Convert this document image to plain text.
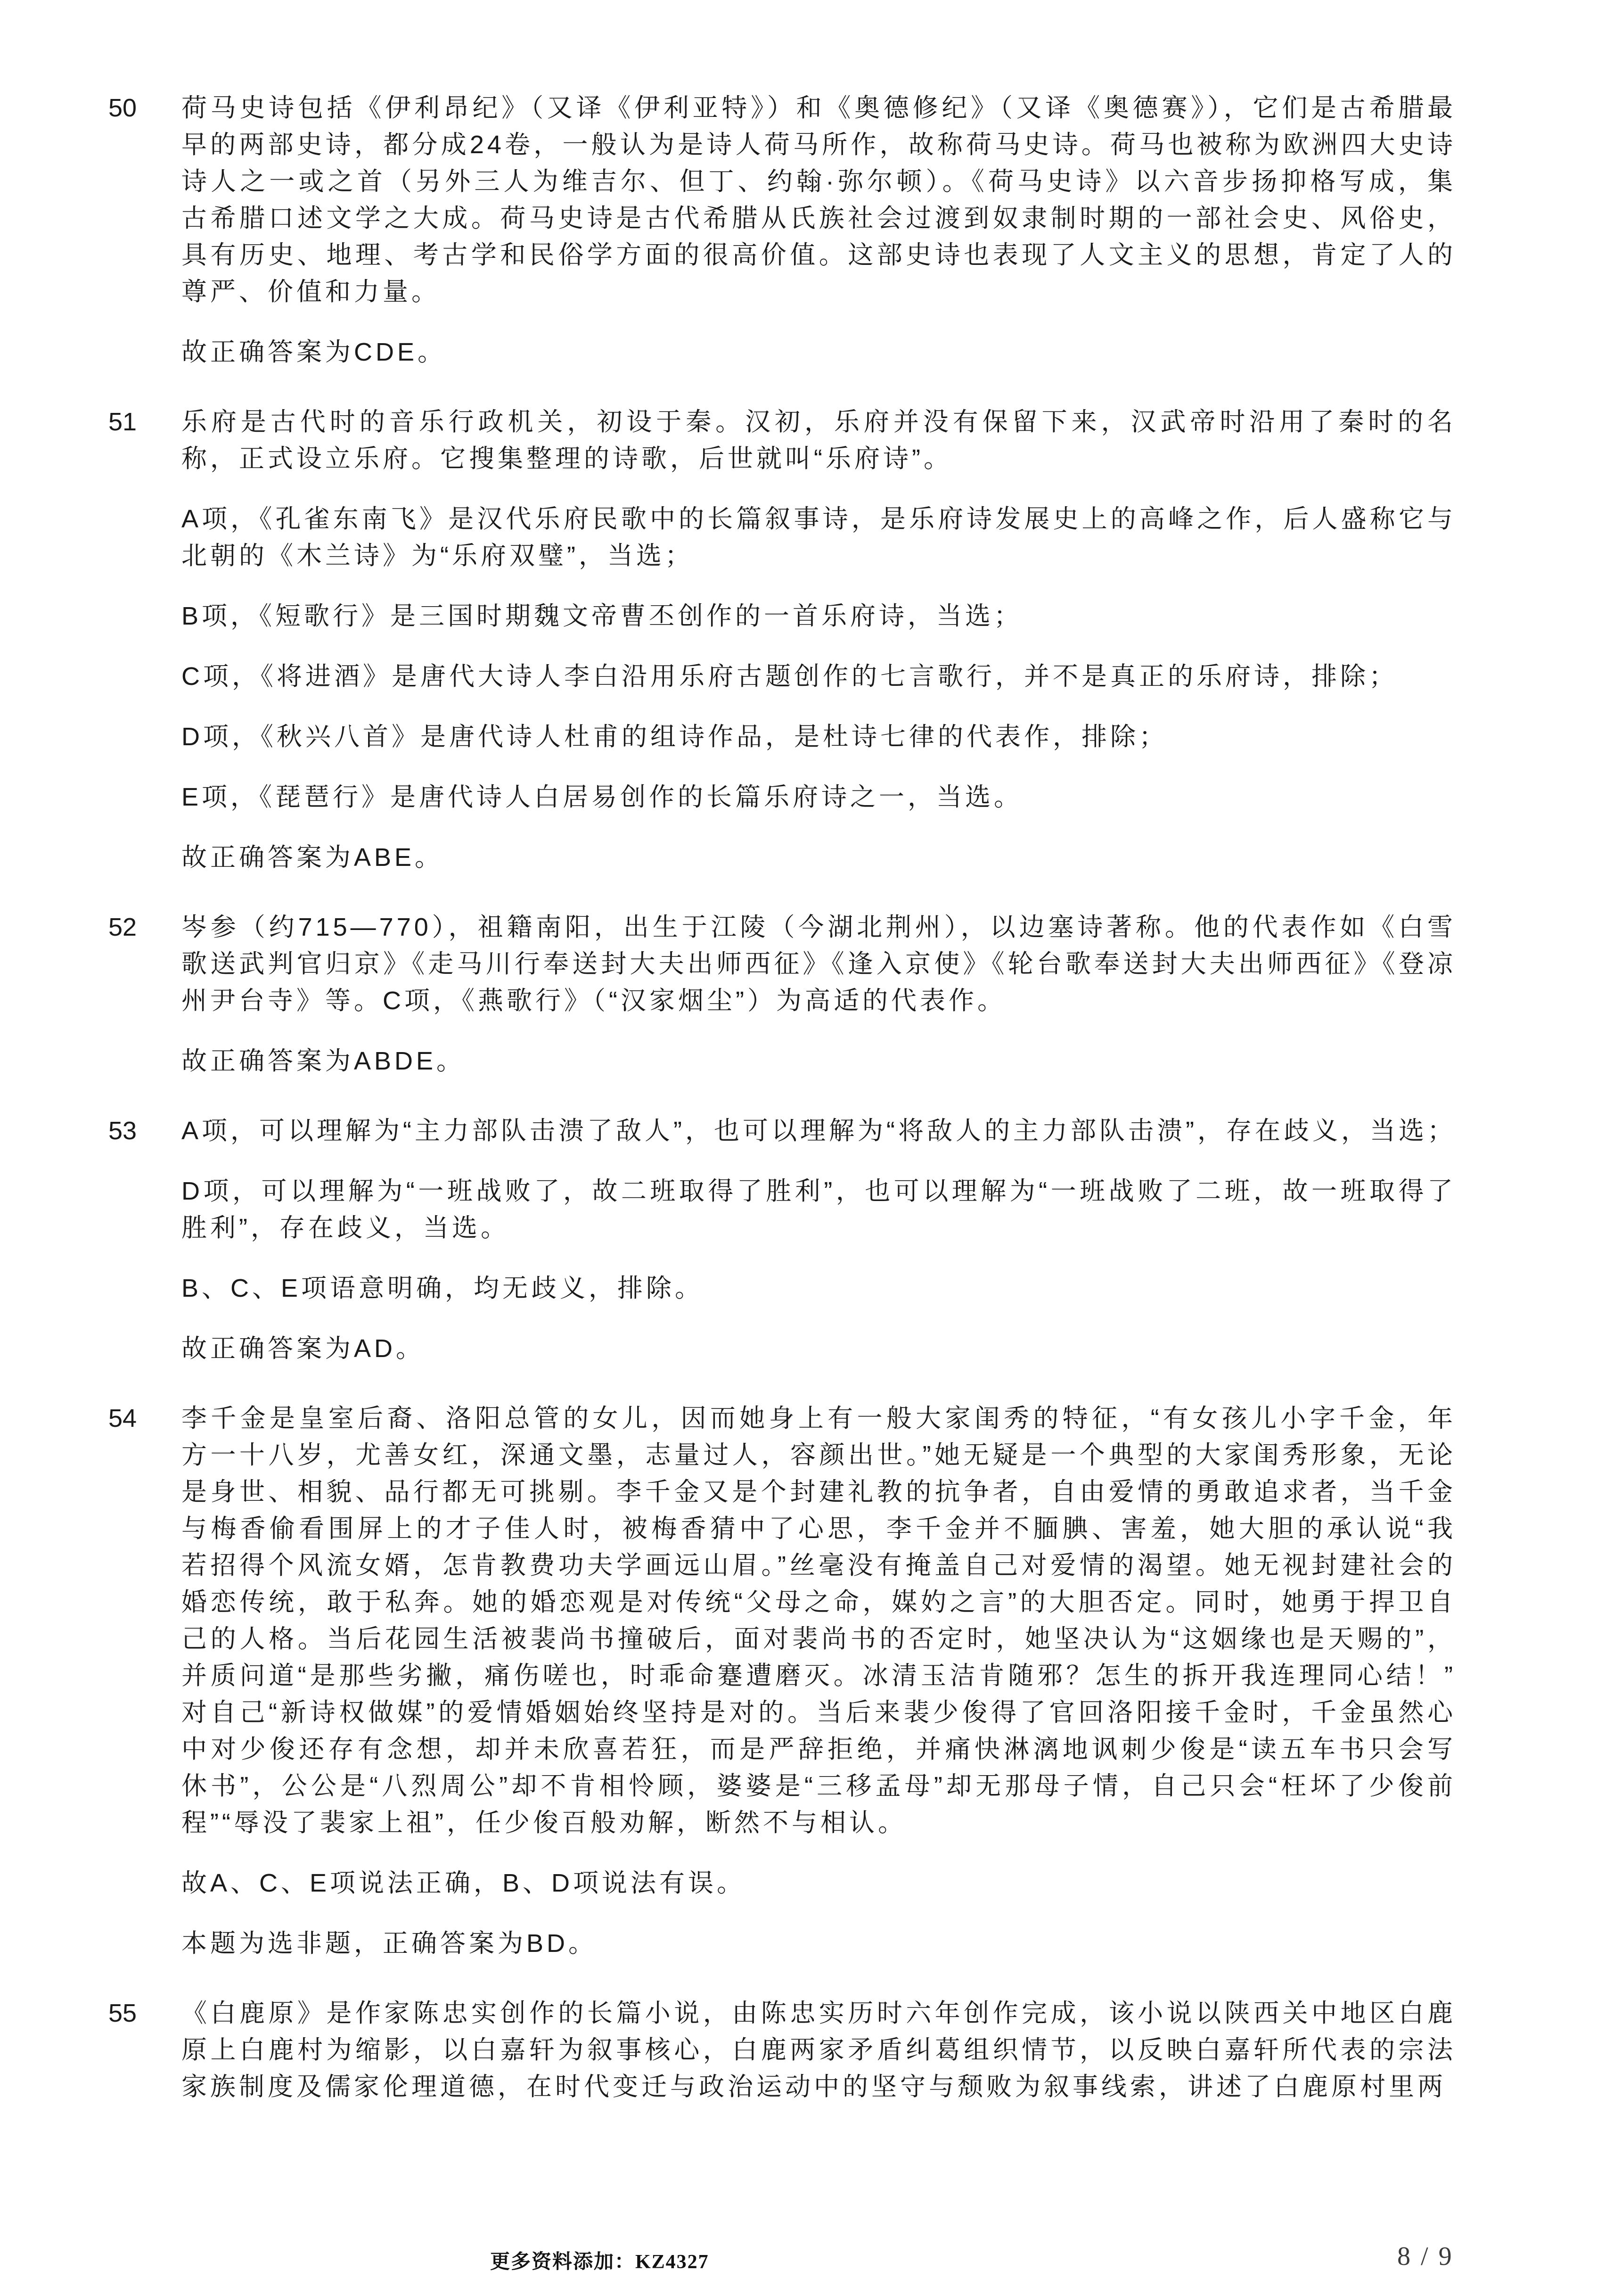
50	荷马史诗包括《伊利昂纪》（又译《伊利亚特》）和《奥德修纪》（又译《奥德赛》），它们是古希腊最早的两部史诗，都分成24卷，一般认为是诗人荷马所作，故称荷马史诗。荷马也被称为欧洲四大史诗诗人之一或之首（另外三人为维吉尔、但丁、约翰·弥尔顿）。《荷马史诗》以六音步扬抑格写成，集古希腊口述文学之大成。荷马史诗是古代希腊从氏族社会过渡到奴隶制时期的一部社会史、风俗史，具有历史、地理、考古学和民俗学方面的很高价值。这部史诗也表现了人文主义的思想，肯定了人的尊严、价值和力量。

故正确答案为CDE。

51	乐府是古代时的音乐行政机关，初设于秦。汉初，乐府并没有保留下来，汉武帝时沿用了秦时的名称，正式设立乐府。它搜集整理的诗歌，后世就叫“乐府诗”。

A项，《孔雀东南飞》是汉代乐府民歌中的长篇叙事诗，是乐府诗发展史上的高峰之作，后人盛称它与北朝的《木兰诗》为“乐府双璧”，当选；

B项，《短歌行》是三国时期魏文帝曹丕创作的一首乐府诗，当选；

C项，《将进酒》是唐代大诗人李白沿用乐府古题创作的七言歌行，并不是真正的乐府诗，排除；

D项，《秋兴八首》是唐代诗人杜甫的组诗作品，是杜诗七律的代表作，排除；

E项，《琵琶行》是唐代诗人白居易创作的长篇乐府诗之一，当选。

故正确答案为ABE。

52	岑参（约715—770），祖籍南阳，出生于江陵（今湖北荆州），以边塞诗著称。他的代表作如《白雪歌送武判官归京》《走马川行奉送封大夫出师西征》《逢入京使》《轮台歌奉送封大夫出师西征》《登凉州尹台寺》等。C项，《燕歌行》（“汉家烟尘”）为高适的代表作。

故正确答案为ABDE。

53	A项，可以理解为“主力部队击溃了敌人”，也可以理解为“将敌人的主力部队击溃”，存在歧义，当选；

D项，可以理解为“一班战败了，故二班取得了胜利”，也可以理解为“一班战败了二班，故一班取得了胜利”，存在歧义，当选。

B、C、E项语意明确，均无歧义，排除。

故正确答案为AD。

54	李千金是皇室后裔、洛阳总管的女儿，因而她身上有一般大家闺秀的特征，“有女孩儿小字千金，年方一十八岁，尤善女红，深通文墨，志量过人，容颜出世。”她无疑是一个典型的大家闺秀形象，无论是身世、相貌、品行都无可挑剔。李千金又是个封建礼教的抗争者，自由爱情的勇敢追求者，当千金与梅香偷看围屏上的才子佳人时，被梅香猜中了心思，李千金并不腼腆、害羞，她大胆的承认说“我若招得个风流女婿，怎肯教费功夫学画远山眉。”丝毫没有掩盖自己对爱情的渴望。她无视封建社会的婚恋传统，敢于私奔。她的婚恋观是对传统“父母之命，媒妁之言”的大胆否定。同时，她勇于捍卫自己的人格。当后花园生活被裴尚书撞破后，面对裴尚书的否定时，她坚决认为“这姻缘也是天赐的”，并质问道“是那些劣撇，痛伤嗟也，时乖命蹇遭磨灭。冰清玉洁肯随邪？怎生的拆开我连理同心结！”对自己“新诗权做媒”的爱情婚姻始终坚持是对的。当后来裴少俊得了官回洛阳接千金时，千金虽然心中对少俊还存有念想，却并未欣喜若狂，而是严辞拒绝，并痛快淋漓地讽刺少俊是“读五车书只会写休书”，公公是“八烈周公”却不肯相怜顾，婆婆是“三移孟母”却无那母子情，自己只会“枉坏了少俊前程”“辱没了裴家上祖”，任少俊百般劝解，断然不与相认。

故A、C、E项说法正确，B、D项说法有误。

本题为选非题，正确答案为BD。

55	《白鹿原》是作家陈忠实创作的长篇小说，由陈忠实历时六年创作完成，该小说以陕西关中地区白鹿原上白鹿村为缩影，以白嘉轩为叙事核心，白鹿两家矛盾纠葛组织情节，以反映白嘉轩所代表的宗法家族制度及儒家伦理道德，在时代变迁与政治运动中的坚守与颓败为叙事线索，讲述了白鹿原村里两

更多资料添加：KZ4327	8 / 9
